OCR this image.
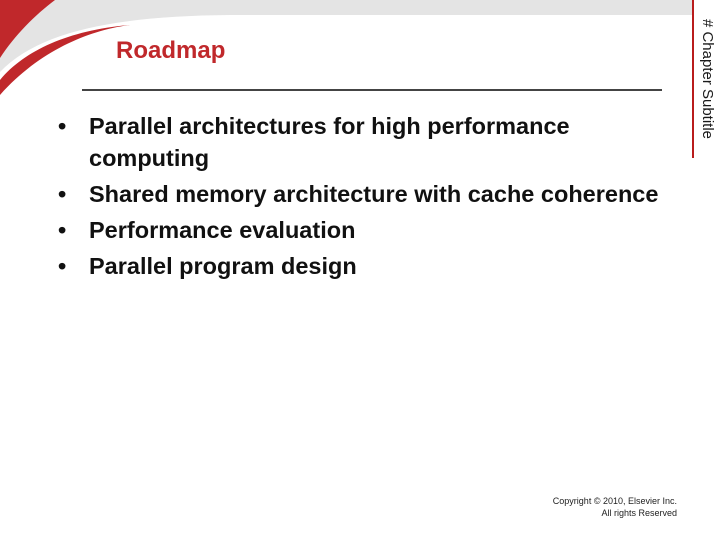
# Chapter Subtitle
Roadmap
• Parallel architectures for high performance computing
• Shared memory architecture with cache coherence
• Performance evaluation
• Parallel program design
Copyright © 2010, Elsevier Inc.
All rights Reserved
